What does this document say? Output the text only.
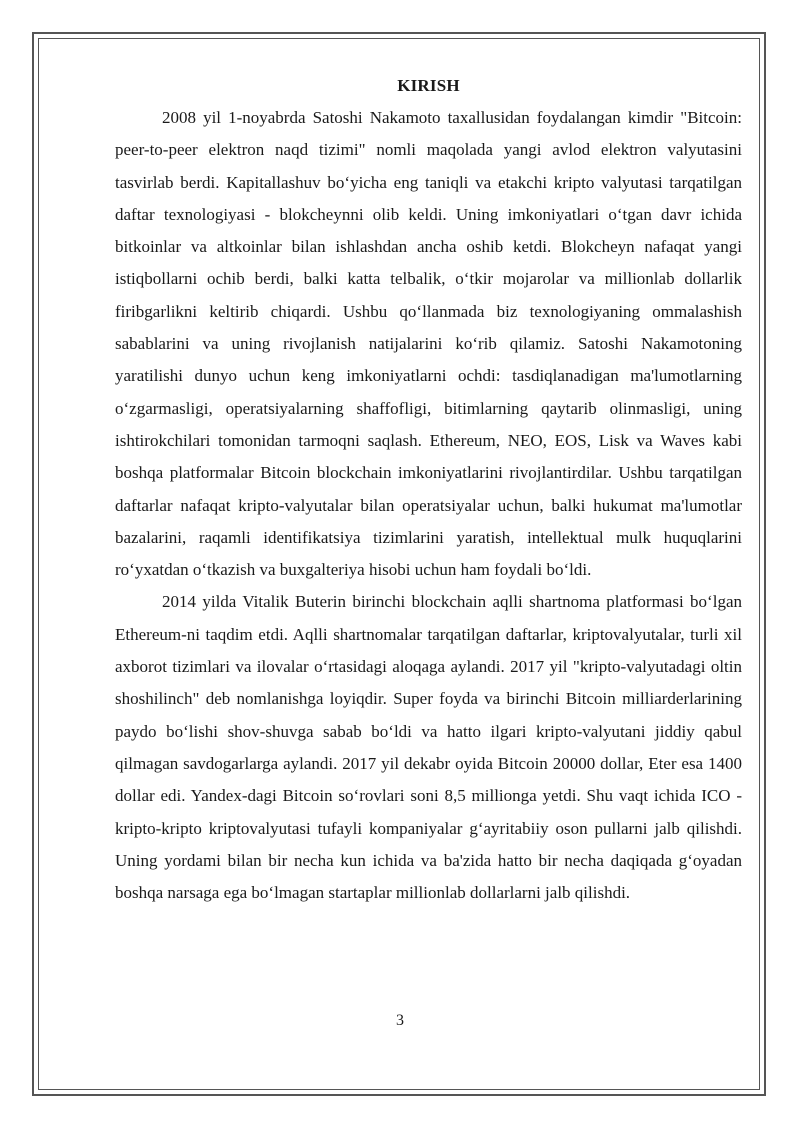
KIRISH

2008 yil 1-noyabrda Satoshi Nakamoto taxallusidan foydalangan kimdir "Bitcoin: peer-to-peer elektron naqd tizimi" nomli maqolada yangi avlod elektron valyutasini tasvirlab berdi. Kapitallashuv bo‘yicha eng taniqli va etakchi kripto valyutasi tarqatilgan daftar texnologiyasi - blokcheynni olib keldi. Uning imkoniyatlari o‘tgan davr ichida bitkoinlar va altkoinlar bilan ishlashdan ancha oshib ketdi. Blokcheyn nafaqat yangi istiqbollarni ochib berdi, balki katta telbalik, o‘tkir mojarolar va millionlab dollarlik firibgarlikni keltirib chiqardi. Ushbu qo‘llanmada biz texnologiyaning ommalashish sabablarini va uning rivojlanish natijalarini ko‘rib qilamiz. Satoshi Nakamotoning yaratilishi dunyo uchun keng imkoniyatlarni ochdi: tasdiqlanadigan ma'lumotlarning o‘zgarmasligi, operatsiyalarning shaffofligi, bitimlarning qaytarib olinmasligi, uning ishtirokchilari tomonidan tarmoqni saqlash. Ethereum, NEO, EOS, Lisk va Waves kabi boshqa platformalar Bitcoin blockchain imkoniyatlarini rivojlantirdilar. Ushbu tarqatilgan daftarlar nafaqat kripto-valyutalar bilan operatsiyalar uchun, balki hukumat ma'lumotlar bazalarini, raqamli identifikatsiya tizimlarini yaratish, intellektual mulk huquqlarini ro‘yxatdan o‘tkazish va buxgalteriya hisobi uchun ham foydali bo‘ldi.

2014 yilda Vitalik Buterin birinchi blockchain aqlli shartnoma platformasi bo‘lgan Ethereum-ni taqdim etdi. Aqlli shartnomalar tarqatilgan daftarlar, kriptovalyutalar, turli xil axborot tizimlari va ilovalar o‘rtasidagi aloqaga aylandi. 2017 yil "kripto-valyutadagi oltin shoshilinch" deb nomlanishga loyiqdir. Super foyda va birinchi Bitcoin milliarderlarining paydo bo‘lishi shov-shuvga sabab bo‘ldi va hatto ilgari kripto-valyutani jiddiy qabul qilmagan savdogarlarga aylandi. 2017 yil dekabr oyida Bitcoin 20000 dollar, Eter esa 1400 dollar edi. Yandex-dagi Bitcoin so‘rovlari soni 8,5 millionga yetdi. Shu vaqt ichida ICO - kripto-kripto kriptovalyutasi tufayli kompaniyalar g‘ayritabiiy oson pullarni jalb qilishdi. Uning yordami bilan bir necha kun ichida va ba'zida hatto bir necha daqiqada g‘oyadan boshqa narsaga ega bo‘lmagan startaplar millionlab dollarlarni jalb qilishdi.

3
